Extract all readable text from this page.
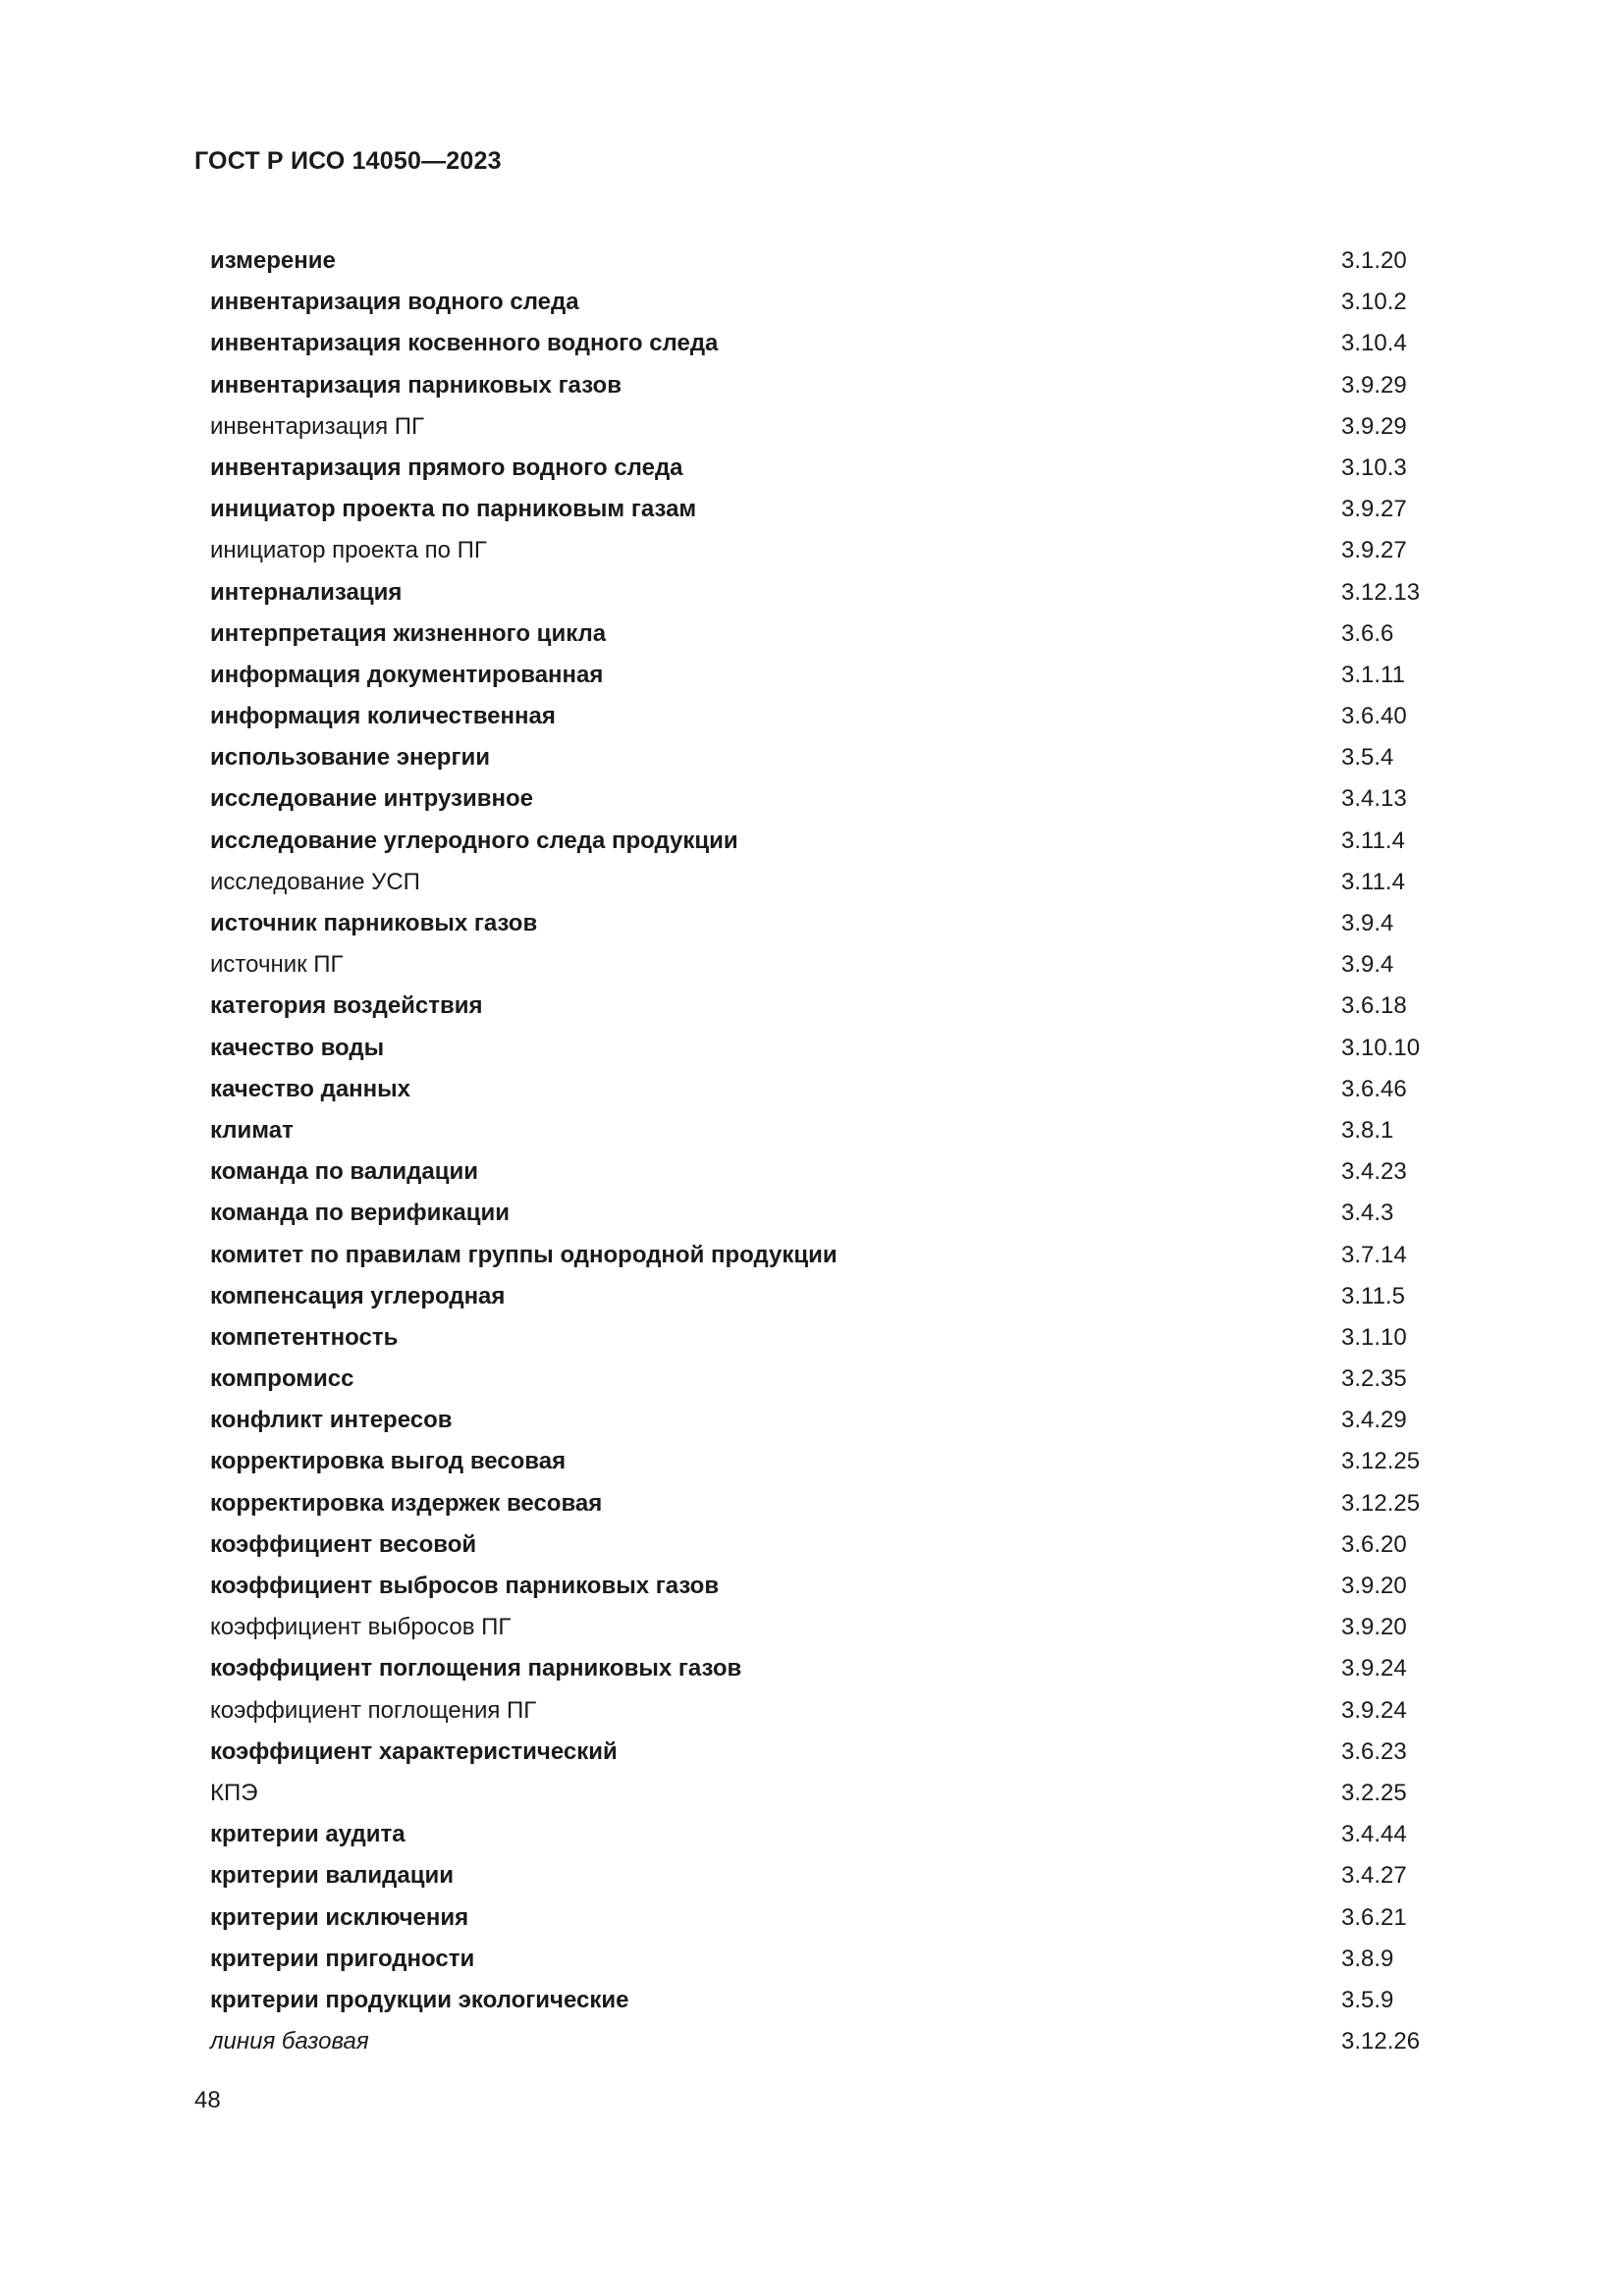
ГОСТ Р ИСО 14050—2023
измерение	3.1.20
инвентаризация водного следа	3.10.2
инвентаризация косвенного водного следа	3.10.4
инвентаризация парниковых газов	3.9.29
инвентаризация ПГ	3.9.29
инвентаризация прямого водного следа	3.10.3
инициатор проекта по парниковым газам	3.9.27
инициатор проекта по ПГ	3.9.27
интернализация	3.12.13
интерпретация жизненного цикла	3.6.6
информация документированная	3.1.11
информация количественная	3.6.40
использование энергии	3.5.4
исследование интрузивное	3.4.13
исследование углеродного следа продукции	3.11.4
исследование УСП	3.11.4
источник парниковых газов	3.9.4
источник ПГ	3.9.4
категория воздействия	3.6.18
качество воды	3.10.10
качество данных	3.6.46
климат	3.8.1
команда по валидации	3.4.23
команда по верификации	3.4.3
комитет по правилам группы однородной продукции	3.7.14
компенсация углеродная	3.11.5
компетентность	3.1.10
компромисс	3.2.35
конфликт интересов	3.4.29
корректировка выгод весовая	3.12.25
корректировка издержек весовая	3.12.25
коэффициент весовой	3.6.20
коэффициент выбросов парниковых газов	3.9.20
коэффициент выбросов ПГ	3.9.20
коэффициент поглощения парниковых газов	3.9.24
коэффициент поглощения ПГ	3.9.24
коэффициент характеристический	3.6.23
КПЭ	3.2.25
критерии аудита	3.4.44
критерии валидации	3.4.27
критерии исключения	3.6.21
критерии пригодности	3.8.9
критерии продукции экологические	3.5.9
линия базовая	3.12.26
48
